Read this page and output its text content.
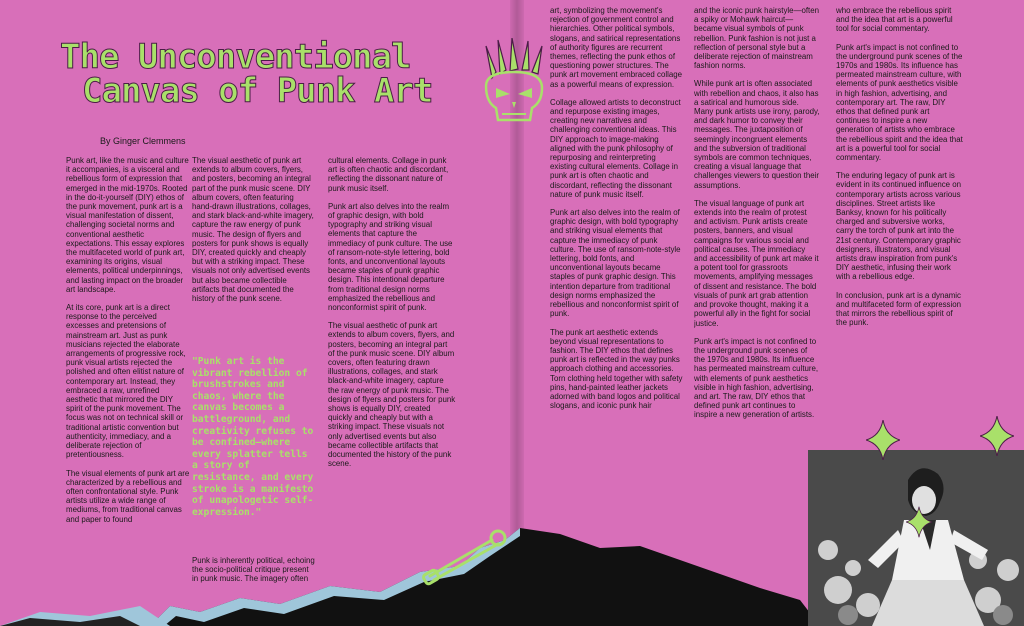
The Unconventional
Canvas of Punk Art
By Ginger Clemmens

Punk art, like the music and culture it accompanies, is a visceral and rebellious form of expression that emerged in the mid-1970s. Rooted in the do-it-yourself (DIY) ethos of the punk movement, punk art is a visual manifestation of dissent, challenging societal norms and conventional aesthetic expectations. This essay explores the multifaceted world of punk art, examining its origins, visual elements, political underpinnings, and lasting impact on the broader art landscape.

At its core, punk art is a direct response to the perceived excesses and pretensions of mainstream art. Just as punk musicians rejected the elaborate arrangements of progressive rock, punk visual artists rejected the polished and often elitist nature of contemporary art. Instead, they embraced a raw, unrefined aesthetic that mirrored the DIY spirit of the punk movement. The focus was not on technical skill or traditional artistic convention but authenticity, immediacy, and a deliberate rejection of pretentiousness.

The visual elements of punk art are characterized by a rebellious and often confrontational style. Punk artists utilize a wide range of mediums, from traditional canvas and paper to found

The visual aesthetic of punk art extends to album covers, flyers, and posters, becoming an integral part of the punk music scene. DIY album covers, often featuring hand-drawn illustrations, collages, and stark black-and-white imagery, capture the raw energy of punk music. The design of flyers and posters for punk shows is equally DIY, created quickly and cheaply but with a striking impact. These visuals not only advertised events but also became collectible artifacts that documented the history of the punk scene.

"Punk art is the vibrant rebellion of brushstrokes and chaos, where the canvas becomes a battleground, and creativity refuses to be confined—where every splatter tells a story of resistance, and every stroke is a manifesto of unapologetic self-expression."

Punk is inherently political, echoing the socio-political critique present in punk music. The imagery often

cultural elements. Collage in punk art is often chaotic and discordant, reflecting the dissonant nature of punk music itself.

Punk art also delves into the realm of graphic design, with bold typography and striking visual elements that capture the immediacy of punk culture. The use of ransom-note-style lettering, bold fonts, and unconventional layouts became staples of punk graphic design. This intentional departure from traditional design norms emphasized the rebellious and nonconformist spirit of punk.

The visual aesthetic of punk art extends to album covers, flyers, and posters, becoming an integral part of the punk music scene. DIY album covers, often featuring drawn illustrations, collages, and stark black-and-white imagery, capture the raw energy of punk music. The design of flyers and posters for punk shows is equally DIY, created quickly and cheaply but with a striking impact. These visuals not only advertised events but also became collectible artifacts that documented the history of the punk scene.

art, symbolizing the movement's rejection of government control and hierarchies. Other political symbols, slogans, and satirical representations of authority figures are recurrent themes, reflecting the punk ethos of questioning power structures. The punk art movement embraced collage as a powerful means of expression.

Collage allowed artists to deconstruct and repurpose existing images, creating new narratives and challenging conventional ideas. This DIY approach to image-making aligned with the punk philosophy of repurposing and reinterpreting existing cultural elements. Collage in punk art is often chaotic and discordant, reflecting the dissonant nature of punk music itself.

Punk art also delves into the realm of graphic design, with bold typography and striking visual elements that capture the immediacy of punk culture. The use of ransom-note-style lettering, bold fonts, and unconventional layouts became staples of punk graphic design. This intention departure from traditional design norms emphasized the rebellious and nonconformist spirit of punk.

The punk art aesthetic extends beyond visual representations to fashion. The DIY ethos that defines punk art is reflected in the way punks approach clothing and accessories. Torn clothing held together with safety pins, hand-painted leather jackets adorned with band logos and political slogans, and iconic punk hair

and the iconic punk hairstyle—often a spiky or Mohawk haircut—became visual symbols of punk rebellion. Punk fashion is not just a reflection of personal style but a deliberate rejection of mainstream fashion norms.

While punk art is often associated with rebellion and chaos, it also has a satirical and humorous side. Many punk artists use irony, parody, and dark humor to convey their messages. The juxtaposition of seemingly incongruent elements and the subversion of traditional symbols are common techniques, creating a visual language that challenges viewers to question their assumptions.

The visual language of punk art extends into the realm of protest and activism. Punk artists create posters, banners, and visual campaigns for various social and political causes. The immediacy and accessibility of punk art make it a potent tool for grassroots movements, amplifying messages of dissent and resistance. The bold visuals of punk art grab attention and provoke thought, making it a powerful ally in the fight for social justice.

Punk art's impact is not confined to the underground punk scenes of the 1970s and 1980s. Its influence has permeated mainstream culture, with elements of punk aesthetics visible in high fashion, advertising, and art. The raw, DIY ethos that defined punk art continues to inspire a new generation of artists.

who embrace the rebellious spirit and the idea that art is a powerful tool for social commentary.

Punk art's impact is not confined to the underground punk scenes of the 1970s and 1980s. Its influence has permeated mainstream culture, with elements of punk aesthetics visible in high fashion, advertising, and contemporary art. The raw, DIY ethos that defined punk art continues to inspire a new generation of artists who embrace the rebellious spirit and the idea that art is a powerful tool for social commentary.

The enduring legacy of punk art is evident in its continued influence on contemporary artists across various disciplines. Street artists like Banksy, known for his politically charged and subversive works, carry the torch of punk art into the 21st century. Contemporary graphic designers, illustrators, and visual artists draw inspiration from punk's DIY aesthetic, infusing their work with a rebellious edge.

In conclusion, punk art is a dynamic and multifaceted form of expression that mirrors the rebellious spirit of the punk.
